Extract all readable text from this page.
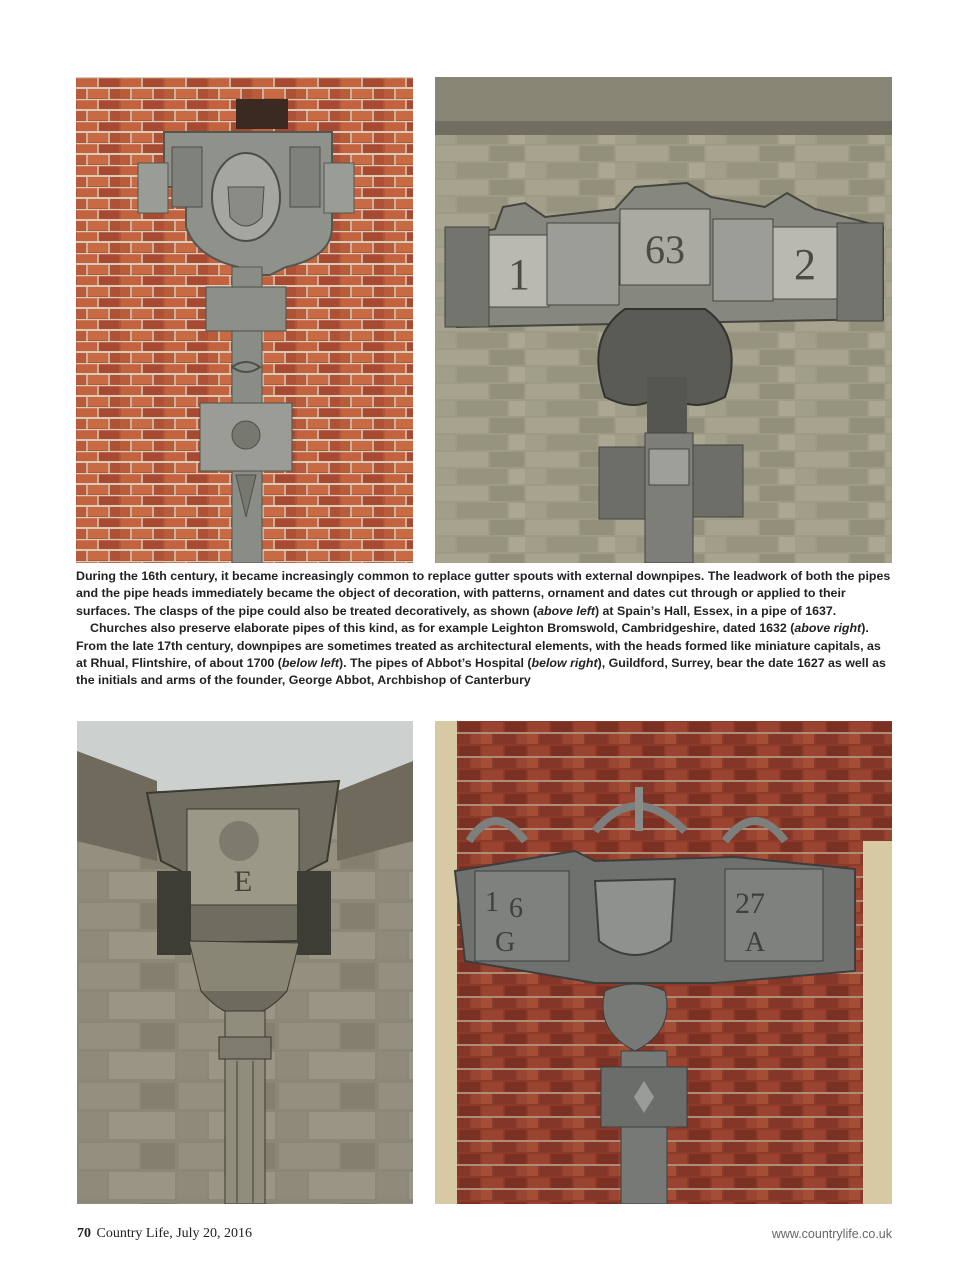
1
63 2

During the 16th century, it became increasingly common to replace gutter spouts with external downpipes. The leadwork of both the pipes and the pipe heads immediately became the object of decoration, with patterns, ornament and dates cut through or applied to their surfaces. The clasps of the pipe could also be treated decoratively, as shown (above left) at Spain’s Hall, Essex, in a pipe of 1637.

Churches also preserve elaborate pipes of this kind, as for example Leighton Bromswold, Cambridgeshire, dated 1632 (above right). From the late 17th century, downpipes are sometimes treated as architectural elements, with the heads formed like miniature capitals, as at Rhual, Flintshire, of about 1700 (below left). The pipes of Abbot’s Hospital (below right), Guildford, Surrey, bear the date 1627 as well as the initials and arms of the founder, George Abbot, Archbishop of Canterbury

E
1 6	27
G	A
70 Country Life, July 20, 2016	www.countrylife.co.uk
